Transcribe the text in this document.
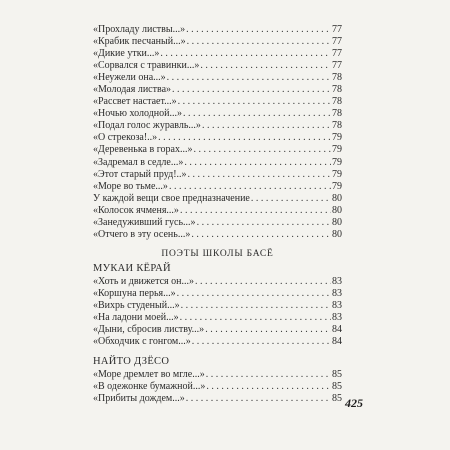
«Прохладу листвы...» . . .	77
«Крабик песчаный...» . . .	77
«Дикие утки...» . . .	77
«Сорвался с травинки...» . . .	77
«Неужели она...» . . .	78
«Молодая листва» . . .	78
«Рассвет настает...» . . .	78
«Ночью холодной...» . . .	78
«Подал голос журавль...» . . .	78
«О стрекоза!..» . . .	79
«Деревенька в горах...» . . .	79
«Задремал в седле...» . . .	79
«Этот старый пруд!..» . . .	79
«Море во тьме...» . . .	79
У каждой вещи свое предназначение . . .	80
«Колосок ячменя...» . . .	80
«Занедуживший гусь...» . . .	80
«Отчего в эту осень...» . . .	80
ПОЭТЫ ШКОЛЫ БАСЁ
МУКАИ КЁРАЙ
«Хоть и движется он...» . . .	83
«Коршуна перья...» . . .	83
«Вихрь студеный...» . . .	83
«На ладони моей...» . . .	83
«Дыни, сбросив листву...» . . .	84
«Обходчик с гонгом...» . . .	84
НАЙТО ДЗЁСО
«Море дремлет во мгле...» . . .	85
«В одежонке бумажной...» . . .	85
«Прибиты дождем...» . . .	85 425
